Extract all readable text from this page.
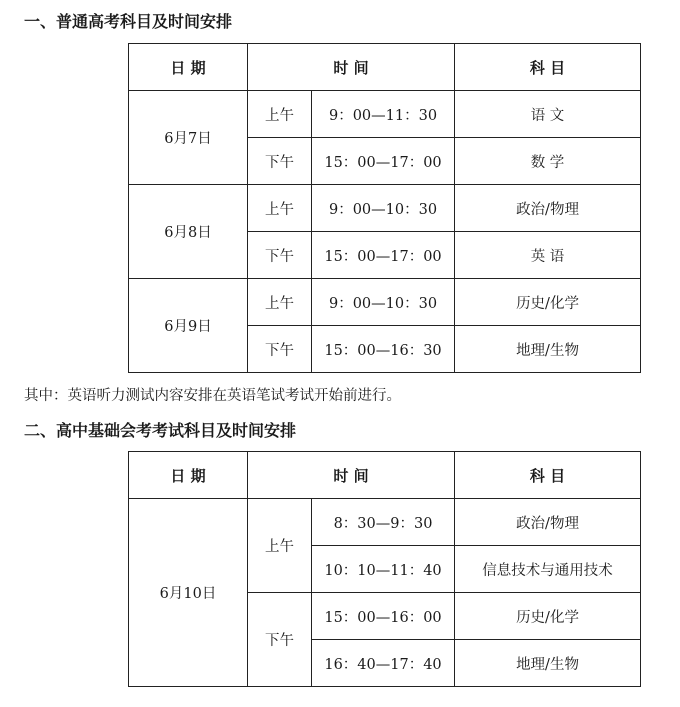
一、普通高考科目及时间安排
日 期	时 间		科 目
6月7日	上午	9：00—11：30	语 文
	下午	15：00—17：00	数 学
6月8日	上午	9：00—10：30	政治/物理
	下午	15：00—17：00	英 语
6月9日	上午	9：00—10：30	历史/化学
	下午	15：00—16：30	地理/生物
其中：英语听力测试内容安排在英语笔试考试开始前进行。
二、高中基础会考考试科目及时间安排
日 期	时 间		科 目
6月10日	上午	8：30—9：30	政治/物理
		10：10—11：40	信息技术与通用技术
	下午	15：00—16：00	历史/化学
		16：40—17：40	地理/生物
